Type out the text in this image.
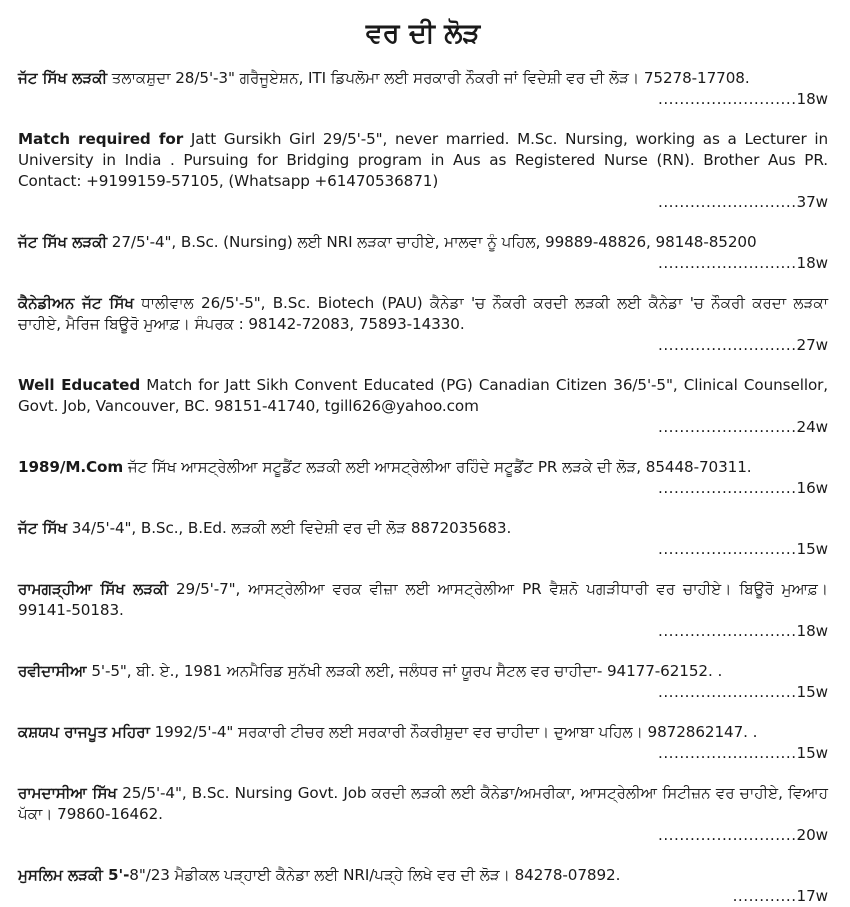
ਵਰ ਦੀ ਲੋੜ

ਜੱਟ ਸਿੱਖ ਲੜਕੀ ਤਲਾਕਸ਼ੁਦਾ 28/5'-3" ਗਰੈਜੂਏਸ਼ਨ, ITI ਡਿਪਲੋਮਾ ਲਈ ਸਰਕਾਰੀ ਨੌਕਰੀ ਜਾਂ ਵਿਦੇਸ਼ੀ ਵਰ ਦੀ ਲੋੜ। 75278-17708.
..........................18w

Match required for Jatt Gursikh Girl 29/5'-5", never married. M.Sc. Nursing, working as a Lecturer in University in India . Pursuing for Bridging program in Aus as Registered Nurse (RN). Brother Aus PR. Contact: +9199159-57105, (Whatsapp +61470536871)
..........................37w

ਜੱਟ ਸਿੱਖ ਲੜਕੀ 27/5'-4", B.Sc. (Nursing) ਲਈ NRI ਲੜਕਾ ਚਾਹੀਏ, ਮਾਲਵਾ ਨੂੰ ਪਹਿਲ, 99889-48826, 98148-85200
..........................18w

ਕੈਨੇਡੀਅਨ ਜੱਟ ਸਿੱਖ ਧਾਲੀਵਾਲ 26/5'-5", B.Sc. Biotech (PAU) ਕੈਨੇਡਾ 'ਚ ਨੌਕਰੀ ਕਰਦੀ ਲੜਕੀ ਲਈ ਕੈਨੇਡਾ 'ਚ ਨੌਕਰੀ ਕਰਦਾ ਲੜਕਾ ਚਾਹੀਏ, ਮੈਰਿਜ ਬਿਊਰੋ ਮੁਆਫ਼। ਸੰਪਰਕ : 98142-72083, 75893-14330.
..........................27w

Well Educated Match for Jatt Sikh Convent Educated (PG) Canadian Citizen 36/5'-5", Clinical Counsellor, Govt. Job, Vancouver, BC. 98151-41740, tgill626@yahoo.com
..........................24w

1989/M.Com ਜੱਟ ਸਿੱਖ ਆਸਟ੍ਰੇਲੀਆ ਸਟੂਡੈਂਟ ਲੜਕੀ ਲਈ ਆਸਟ੍ਰੇਲੀਆ ਰਹਿੰਦੇ ਸਟੂਡੈਂਟ PR ਲੜਕੇ ਦੀ ਲੋੜ, 85448-70311.
..........................16w

ਜੱਟ ਸਿੱਖ 34/5'-4", B.Sc., B.Ed. ਲੜਕੀ ਲਈ ਵਿਦੇਸ਼ੀ ਵਰ ਦੀ ਲੋੜ 8872035683.
..........................15w

ਰਾਮਗੜ੍ਹੀਆ ਸਿੱਖ ਲੜਕੀ 29/5'-7", ਆਸਟ੍ਰੇਲੀਆ ਵਰਕ ਵੀਜ਼ਾ ਲਈ ਆਸਟ੍ਰੇਲੀਆ PR ਵੈਸ਼ਨੋ ਪਗੜੀਧਾਰੀ ਵਰ ਚਾਹੀਏ। ਬਿਊਰੋ ਮੁਆਫ਼। 99141-50183.
..........................18w

ਰਵੀਦਾਸੀਆ 5'-5", ਬੀ. ਏ., 1981 ਅਨਮੈਰਿਡ ਸੁਨੱਖੀ ਲੜਕੀ ਲਈ, ਜਲੰਧਰ ਜਾਂ ਯੂਰਪ ਸੈਟਲ ਵਰ ਚਾਹੀਦਾ- 94177-62152. .
..........................15w

ਕਸ਼ਯਪ ਰਾਜਪੂਤ ਮਹਿਰਾ 1992/5'-4" ਸਰਕਾਰੀ ਟੀਚਰ ਲਈ ਸਰਕਾਰੀ ਨੌਕਰੀਸ਼ੁਦਾ ਵਰ ਚਾਹੀਦਾ। ਦੁਆਬਾ ਪਹਿਲ। 9872862147. .
..........................15w

ਰਾਮਦਾਸੀਆ ਸਿੱਖ 25/5'-4", B.Sc. Nursing Govt. Job ਕਰਦੀ ਲੜਕੀ ਲਈ ਕੈਨੇਡਾ/ਅਮਰੀਕਾ, ਆਸਟ੍ਰੇਲੀਆ ਸਿਟੀਜ਼ਨ ਵਰ ਚਾਹੀਏ, ਵਿਆਹ ਪੱਕਾ। 79860-16462.
..........................20w

ਮੁਸਲਿਮ ਲੜਕੀ 5'-8"/23 ਮੈਡੀਕਲ ਪੜ੍ਹਾਈ ਕੈਨੇਡਾ ਲਈ NRI/ਪੜ੍ਹੇ ਲਿਖੇ ਵਰ ਦੀ ਲੋੜ। 84278-07892.
............17w
